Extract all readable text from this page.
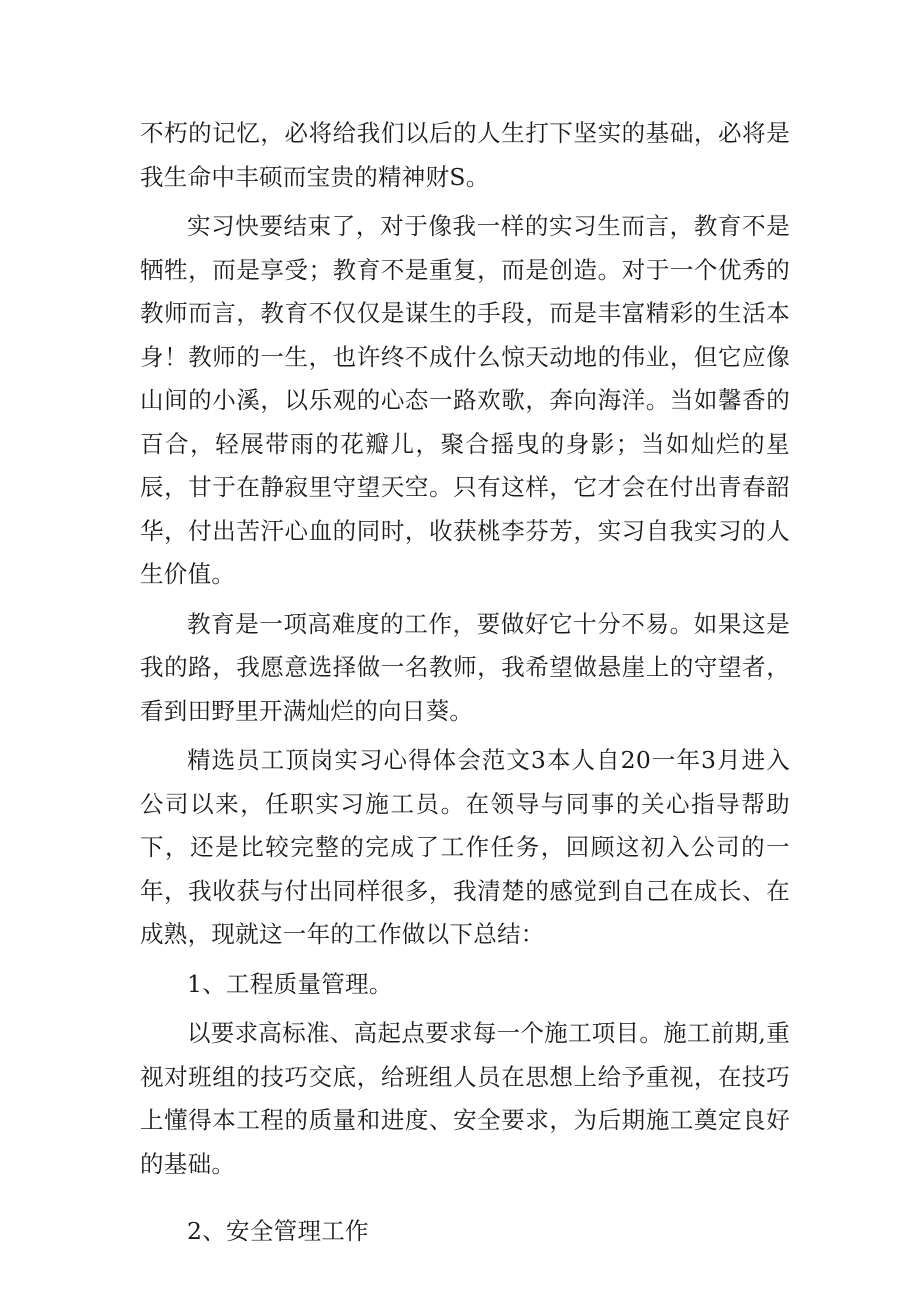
不朽的记忆，必将给我们以后的人生打下坚实的基础，必将是我生命中丰硕而宝贵的精神财S。

实习快要结束了，对于像我一样的实习生而言，教育不是牺牲，而是享受；教育不是重复，而是创造。对于一个优秀的教师而言，教育不仅仅是谋生的手段，而是丰富精彩的生活本身！教师的一生，也许终不成什么惊天动地的伟业，但它应像山间的小溪，以乐观的心态一路欢歌，奔向海洋。当如馨香的百合，轻展带雨的花瓣儿，聚合摇曳的身影；当如灿烂的星辰，甘于在静寂里守望天空。只有这样，它才会在付出青春韶华，付出苦汗心血的同时，收获桃李芬芳，实习自我实习的人生价值。

教育是一项高难度的工作，要做好它十分不易。如果这是我的路，我愿意选择做一名教师，我希望做悬崖上的守望者，看到田野里开满灿烂的向日葵。

精选员工顶岗实习心得体会范文3本人自20一年3月进入公司以来，任职实习施工员。在领导与同事的关心指导帮助下，还是比较完整的完成了工作任务，回顾这初入公司的一年，我收获与付出同样很多，我清楚的感觉到自己在成长、在成熟，现就这一年的工作做以下总结：

1、工程质量管理。

以要求高标准、高起点要求每一个施工项目。施工前期,重视对班组的技巧交底，给班组人员在思想上给予重视，在技巧上懂得本工程的质量和进度、安全要求，为后期施工奠定良好的基础。

2、安全管理工作
